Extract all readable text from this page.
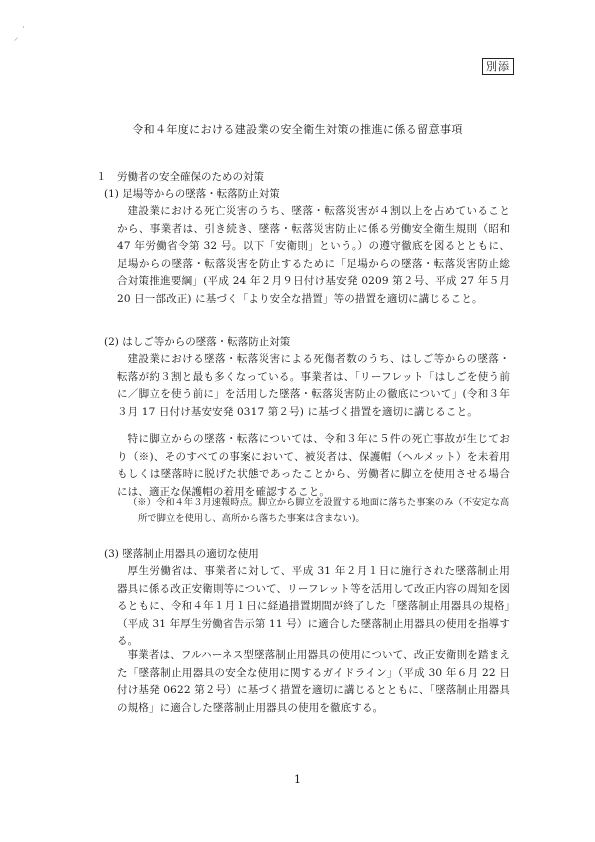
⸝
·
別添
令和４年度における建設業の安全衛生対策の推進に係る留意事項
１　労働者の安全確保のための対策
(1) 足場等からの墜落・転落防止対策
建設業における死亡災害のうち、墜落・転落災害が４割以上を占めていることから、事業者は、引き続き、墜落・転落災害防止に係る労働安全衛生規則（昭和 47 年労働省令第 32 号。以下「安衛則」という。）の遵守徹底を図るとともに、足場からの墜落・転落災害を防止するために「足場からの墜落・転落災害防止総合対策推進要綱」(平成 24 年２月９日付け基安発 0209 第２号、平成 27 年５月 20 日一部改正) に基づく「より安全な措置」等の措置を適切に講じること。
(2) はしご等からの墜落・転落防止対策
建設業における墜落・転落災害による死傷者数のうち、はしご等からの墜落・転落が約３割と最も多くなっている。事業者は、「リーフレット「はしごを使う前に／脚立を使う前に」を活用した墜落・転落災害防止の徹底について」(令和３年３月 17 日付け基安安発 0317 第２号) に基づく措置を適切に講じること。
特に脚立からの墜落・転落については、令和３年に５件の死亡事故が生じており（※)、そのすべての事案において、被災者は、保護帽（ヘルメット）を未着用もしくは墜落時に脱げた状態であったことから、労働者に脚立を使用させる場合には、適正な保護帽の着用を確認すること。
（※）令和４年３月速報時点。脚立から脚立を設置する地面に落ちた事案のみ（不安定な高所で脚立を使用し、高所から落ちた事案は含まない)。
(3) 墜落制止用器具の適切な使用
厚生労働省は、事業者に対して、平成 31 年２月１日に施行された墜落制止用器具に係る改正安衛則等について、リーフレット等を活用して改正内容の周知を図るともに、令和４年１月１日に経過措置期間が終了した「墜落制止用器具の規格」（平成 31 年厚生労働省告示第 11 号）に適合した墜落制止用器具の使用を指導する。
事業者は、フルハーネス型墜落制止用器具の使用について、改正安衛則を踏まえた「墜落制止用器具の安全な使用に関するガイドライン」（平成 30 年６月 22 日付け基発 0622 第２号）に基づく措置を適切に講じるとともに、「墜落制止用器具の規格」に適合した墜落制止用器具の使用を徹底する。
1
